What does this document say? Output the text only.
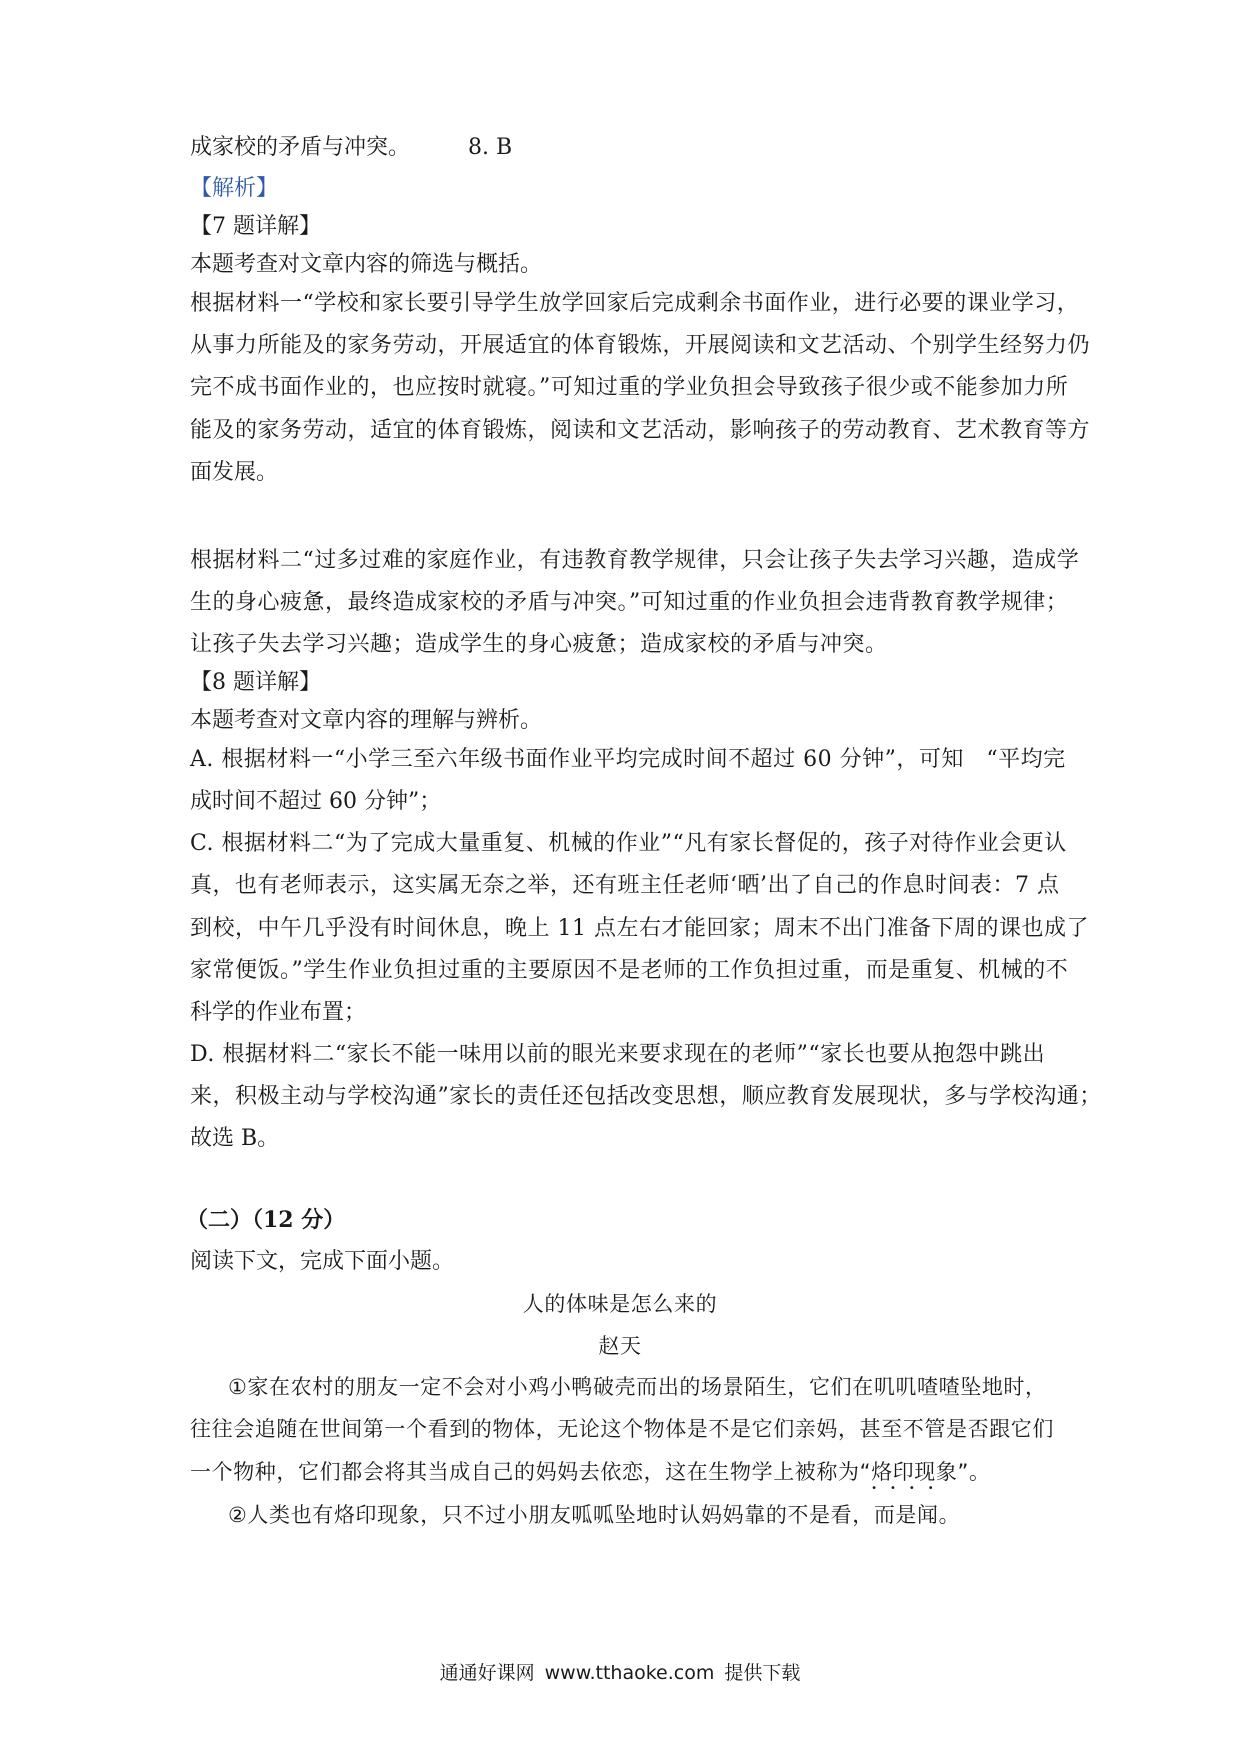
成家校的矛盾与冲突。	8. B
【解析】
【7 题详解】
本题考查对文章内容的筛选与概括。
根据材料一“学校和家长要引导学生放学回家后完成剩余书面作业，进行必要的课业学习，
从事力所能及的家务劳动，开展适宜的体育锻炼，开展阅读和文艺活动、个别学生经努力仍
完不成书面作业的，也应按时就寝。”可知过重的学业负担会导致孩子很少或不能参加力所
能及的家务劳动，适宜的体育锻炼，阅读和文艺活动，影响孩子的劳动教育、艺术教育等方
面发展。
根据材料二“过多过难的家庭作业，有违教育教学规律，只会让孩子失去学习兴趣，造成学
生的身心疲惫，最终造成家校的矛盾与冲突。”可知过重的作业负担会违背教育教学规律；
让孩子失去学习兴趣；造成学生的身心疲惫；造成家校的矛盾与冲突。
【8 题详解】
本题考查对文章内容的理解与辨析。
A. 根据材料一“小学三至六年级书面作业平均完成时间不超过 60 分钟”，可知　“平均完
成时间不超过 60 分钟”；
C. 根据材料二“为了完成大量重复、机械的作业”“凡有家长督促的，孩子对待作业会更认
真，也有老师表示，这实属无奈之举，还有班主任老师‘晒’出了自己的作息时间表：7 点
到校，中午几乎没有时间休息，晚上 11 点左右才能回家；周末不出门准备下周的课也成了
家常便饭。”学生作业负担过重的主要原因不是老师的工作负担过重，而是重复、机械的不
科学的作业布置；
D. 根据材料二“家长不能一味用以前的眼光来要求现在的老师”“家长也要从抱怨中跳出
来，积极主动与学校沟通”家长的责任还包括改变思想，顺应教育发展现状，多与学校沟通；
故选 B。
（二）（12 分）
阅读下文，完成下面小题。
人的体味是怎么来的
赵天
①家在农村的朋友一定不会对小鸡小鸭破壳而出的场景陌生，它们在叽叽喳喳坠地时，
往往会追随在世间第一个看到的物体，无论这个物体是不是它们亲妈，甚至不管是否跟它们
一个物种，它们都会将其当成自己的妈妈去依恋，这在生物学上被称为“烙印现象
••••
”。
②人类也有烙印现象，只不过小朋友呱呱坠地时认妈妈靠的不是看，而是闻。
通通好课网 www.tthaoke.com 提供下载
